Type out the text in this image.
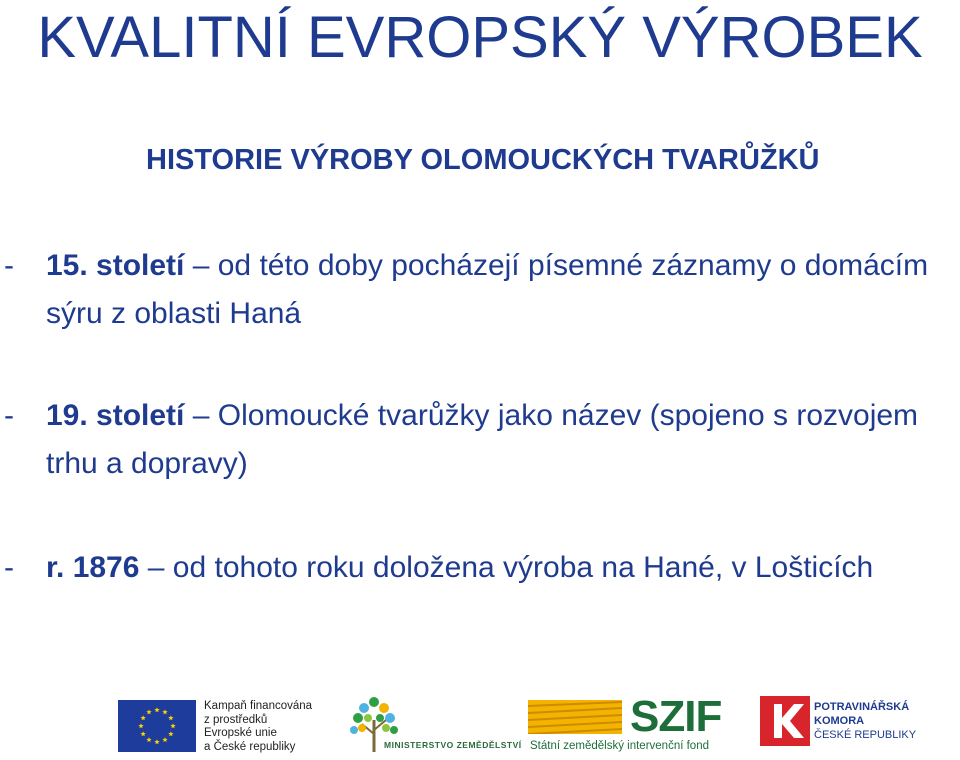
KVALITNÍ EVROPSKÝ VÝROBEK
HISTORIE VÝROBY OLOMOUCKÝCH TVARŮŽKŮ
- 15. století – od této doby pocházejí písemné záznamy o domácím sýru z oblasti Haná
- 19. století – Olomoucké tvarůžky jako název (spojeno s rozvojem trhu a dopravy)
- r. 1876 – od tohoto roku doložena výroba na Hané, v Lošticích
Kampaň financována
z prostředků
Evropské unie
a České republiky	MINISTERSTVO ZEMĚDĚLSTVÍ
SZIF
Státní zemědělský intervenční fond
POTRAVINÁŘSKÁ
KOMORA
ČESKÉ REPUBLIKY
